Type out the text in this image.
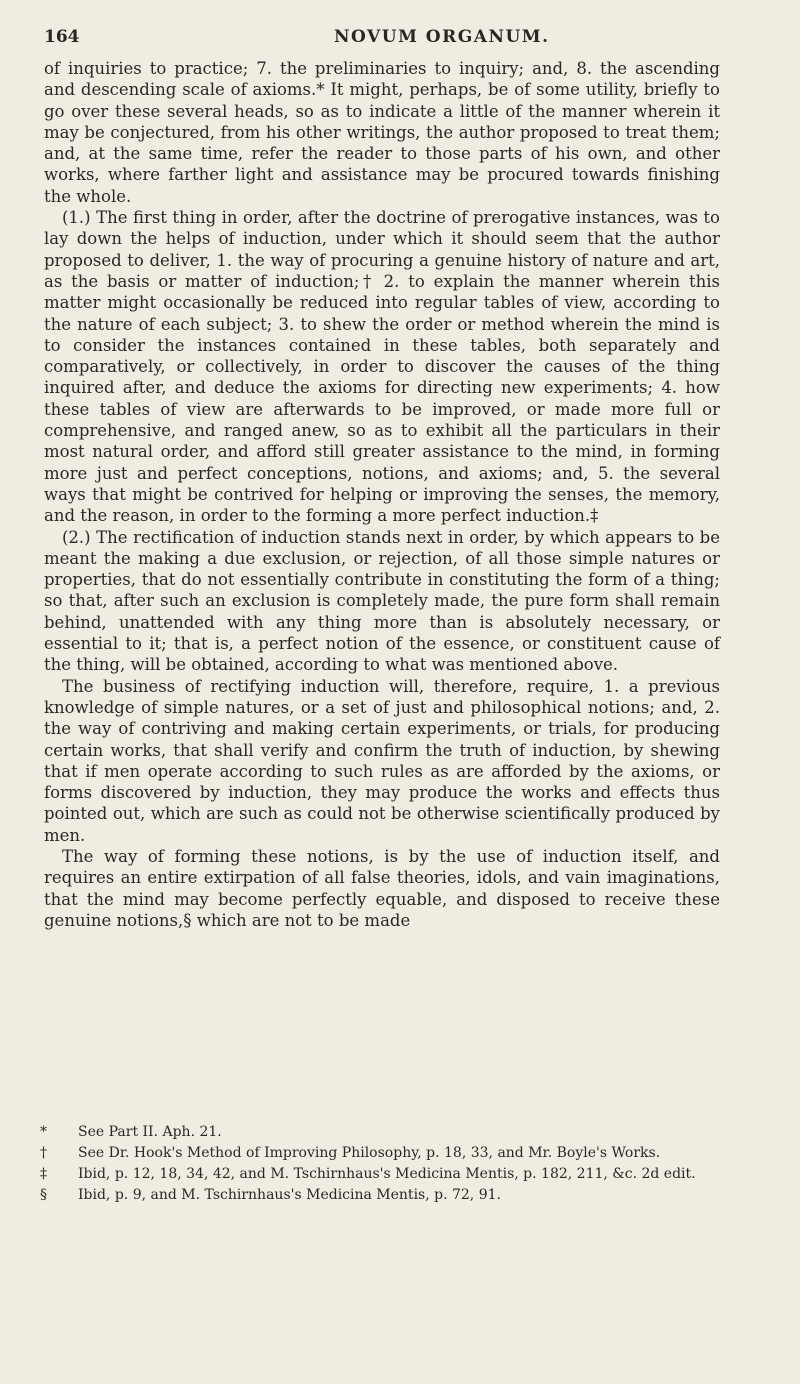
164	NOVUM ORGANUM.

of inquiries to practice; 7. the preliminaries to inquiry; and, 8. the ascending and descending scale of axioms.* It might, perhaps, be of some utility, briefly to go over these several heads, so as to indicate a little of the manner wherein it may be conjectured, from his other writings, the author proposed to treat them; and, at the same time, refer the reader to those parts of his own, and other works, where farther light and assistance may be procured towards finishing the whole.

(1.) The first thing in order, after the doctrine of prerogative instances, was to lay down the helps of induction, under which it should seem that the author proposed to deliver, 1. the way of procuring a genuine history of nature and art, as the basis or matter of induction;† 2. to explain the manner wherein this matter might occasionally be reduced into regular tables of view, according to the nature of each subject; 3. to shew the order or method wherein the mind is to consider the instances contained in these tables, both separately and comparatively, or collectively, in order to discover the causes of the thing inquired after, and deduce the axioms for directing new experiments; 4. how these tables of view are afterwards to be improved, or made more full or comprehensive, and ranged anew, so as to exhibit all the particulars in their most natural order, and afford still greater assistance to the mind, in forming more just and perfect conceptions, notions, and axioms; and, 5. the several ways that might be contrived for helping or improving the senses, the memory, and the reason, in order to the forming a more perfect induction.‡

(2.) The rectification of induction stands next in order, by which appears to be meant the making a due exclusion, or rejection, of all those simple natures or properties, that do not essentially contribute in constituting the form of a thing; so that, after such an exclusion is completely made, the pure form shall remain behind, unattended with any thing more than is absolutely necessary, or essential to it; that is, a perfect notion of the essence, or constituent cause of the thing, will be obtained, according to what was mentioned above.

The business of rectifying induction will, therefore, require, 1. a previous knowledge of simple natures, or a set of just and philosophical notions; and, 2. the way of contriving and making certain experiments, or trials, for producing certain works, that shall verify and confirm the truth of induction, by shewing that if men operate according to such rules as are afforded by the axioms, or forms discovered by induction, they may produce the works and effects thus pointed out, which are such as could not be otherwise scientifically produced by men.

The way of forming these notions, is by the use of induction itself, and requires an entire extirpation of all false theories, idols, and vain imaginations, that the mind may become perfectly equable, and disposed to receive these genuine notions,§ which are not to be made

* See Part II. Aph. 21.

† See Dr. Hook's Method of Improving Philosophy, p. 18, 33, and Mr. Boyle's Works.

‡ Ibid, p. 12, 18, 34, 42, and M. Tschirnhaus's Medicina Mentis, p. 182, 211, &c. 2d edit.

§ Ibid, p. 9, and M. Tschirnhaus's Medicina Mentis, p. 72, 91.
